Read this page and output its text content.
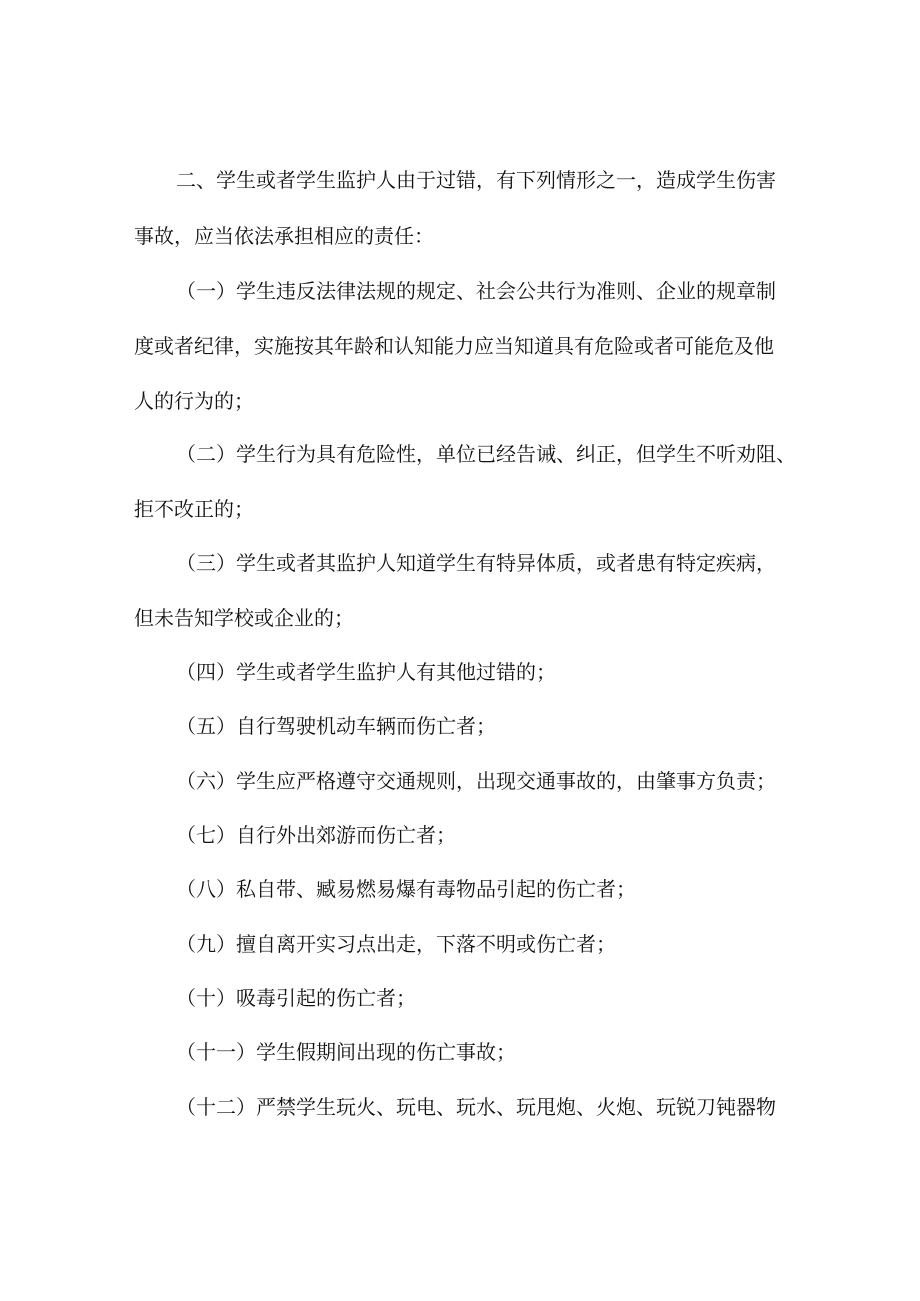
二、学生或者学生监护人由于过错，有下列情形之一，造成学生伤害

事故，应当依法承担相应的责任：

（一）学生违反法律法规的规定、社会公共行为准则、企业的规章制

度或者纪律，实施按其年龄和认知能力应当知道具有危险或者可能危及他

人的行为的；

（二）学生行为具有危险性，单位已经告诫、纠正，但学生不听劝阻、

拒不改正的；

（三）学生或者其监护人知道学生有特异体质，或者患有特定疾病，

但未告知学校或企业的；

（四）学生或者学生监护人有其他过错的；

（五）自行驾驶机动车辆而伤亡者；

（六）学生应严格遵守交通规则，出现交通事故的，由肇事方负责；

（七）自行外出郊游而伤亡者；

（八）私自带、臧易燃易爆有毒物品引起的伤亡者；

（九）擅自离开实习点出走，下落不明或伤亡者；

（十）吸毒引起的伤亡者；

（十一）学生假期间出现的伤亡事故；

（十二）严禁学生玩火、玩电、玩水、玩甩炮、火炮、玩锐刀钝器物
